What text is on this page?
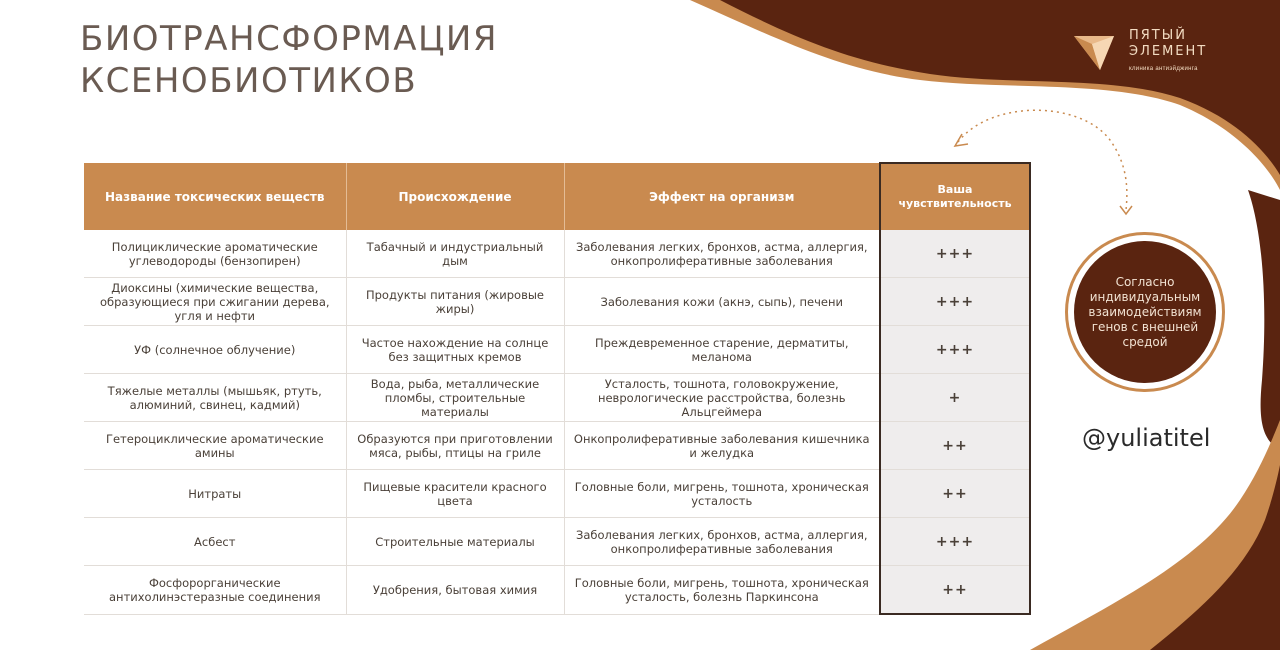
БИОТРАНСФОРМАЦИЯ
КСЕНОБИОТИКОВ
ПЯТЫЙ
ЭЛЕМЕНТ
клиника антиэйджинга
Название токсических веществ	Происхождение	Эффект на организм	Ваша чувствительность
Полициклические ароматические углеводороды (бензопирен)	Табачный и индустриальный дым	Заболевания легких, бронхов, астма, аллергия, онкопролиферативные заболевания	+++
Диоксины (химические вещества, образующиеся при сжигании дерева, угля и нефти	Продукты питания (жировые жиры)	Заболевания кожи (акнэ, сыпь), печени	+++
УФ (солнечное облучение)	Частое нахождение на солнце без защитных кремов	Преждевременное старение, дерматиты, меланома	+++
Тяжелые металлы (мышьяк, ртуть, алюминий, свинец, кадмий)	Вода, рыба, металлические пломбы, строительные материалы	Усталость, тошнота, головокружение, неврологические расстройства, болезнь Альцгеймера	+
Гетероциклические ароматические амины	Образуются при приготовлении мяса, рыбы, птицы на гриле	Онкопролиферативные заболевания кишечника и желудка	++
Нитраты	Пищевые красители красного цвета	Головные боли, мигрень, тошнота, хроническая усталость	++
Асбест	Строительные материалы	Заболевания легких, бронхов, астма, аллергия, онкопролиферативные заболевания	+++
Фосфорорганические антихолинэстеразные соединения	Удобрения, бытовая химия	Головные боли, мигрень, тошнота, хроническая усталость, болезнь Паркинсона	++
Согласно индивидуальным взаимодействиям генов с внешней средой
@yuliatitel
